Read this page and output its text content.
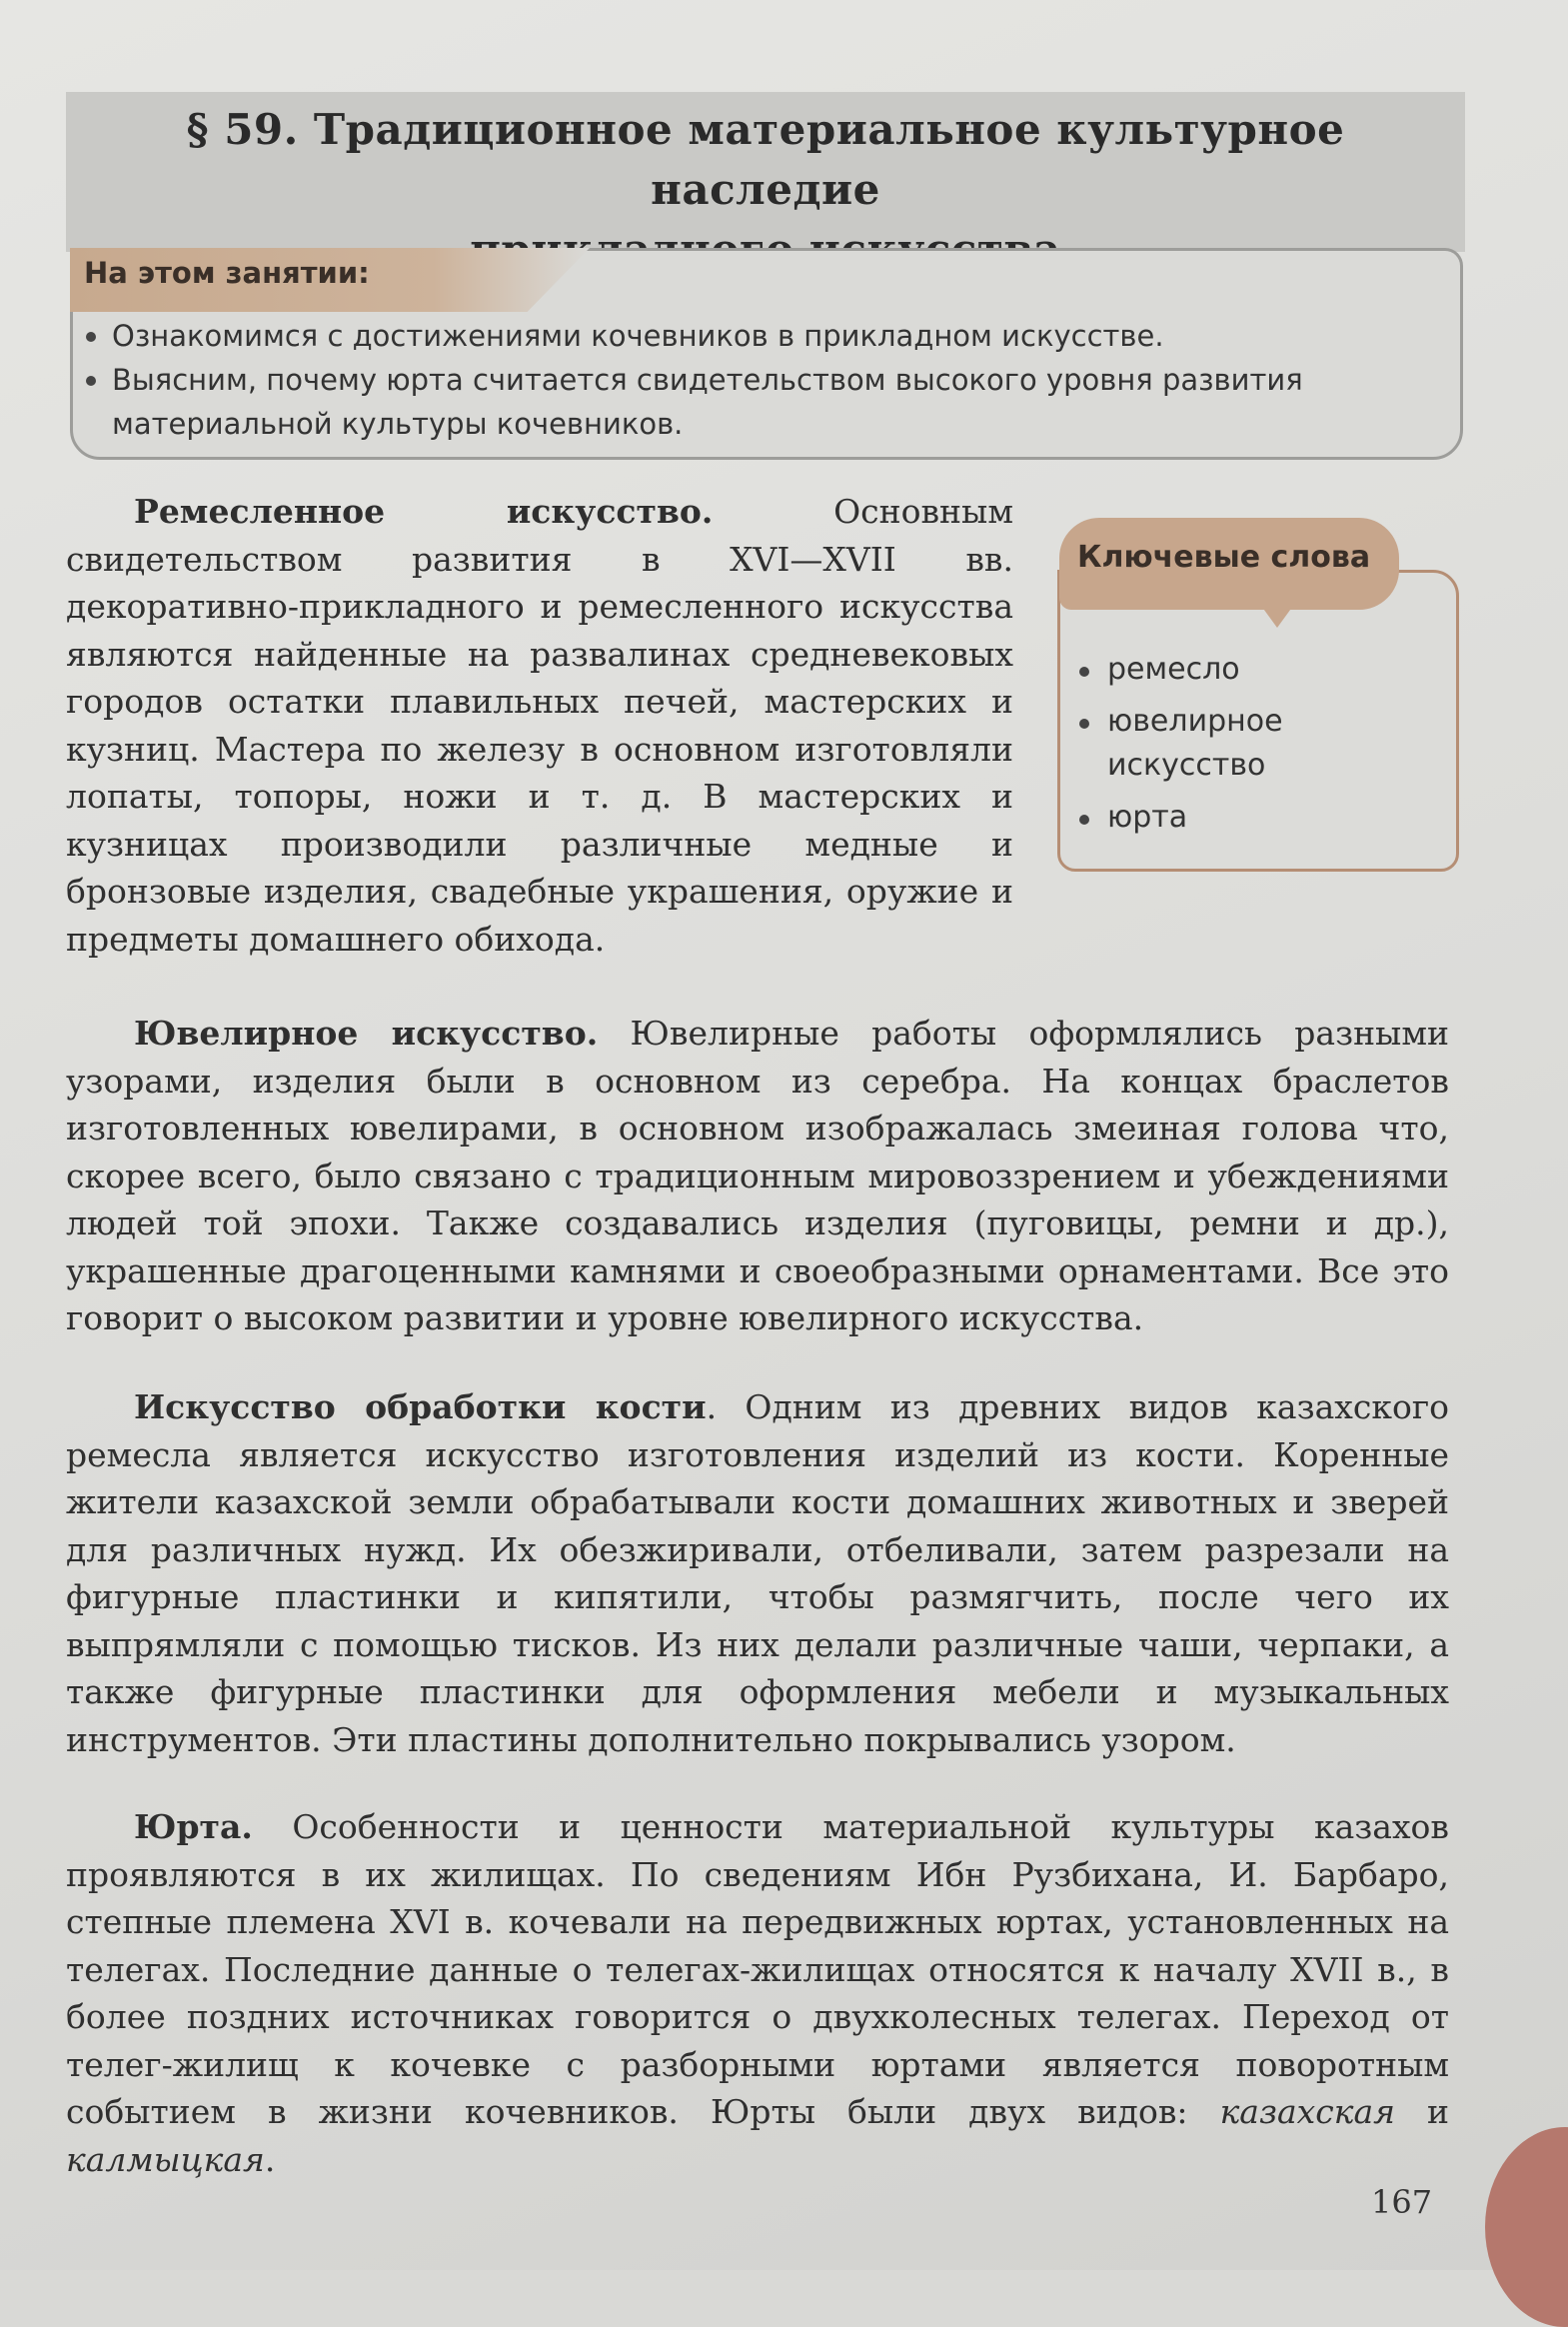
§ 59. Традиционное материальное культурное наследие
На этом занятии:
Ознакомимся с достижениями кочевников в прикладном искусстве.
Выясним, почему юрта считается свидетельством высокого уровня развития материальной культуры кочевников.
Ключевые слова
ремесло
ювелирное искусство
юрта
Ремесленное искусство. Основным свидетельством развития в XVI—XVII вв. декоративно-прикладного и ремесленного искусства являются найденные на развалинах средневековых городов остатки плавильных печей, мастерских и кузниц. Мастера по железу в основном изготовляли лопаты, топоры, ножи и т. д. В мастерских и кузницах производили различные медные и бронзовые изделия, свадебные украшения, оружие и предметы домашнего обихода.
Ювелирное искусство. Ювелирные работы оформлялись разными узорами, изделия были в основном из серебра. На концах браслетов изготовленных ювелирами, в основном изображалась змеиная голова что, скорее всего, было связано с традиционным мировоззрением и убеждениями людей той эпохи. Также создавались изделия (пуговицы, ремни и др.), украшенные драгоценными камнями и своеобразными орнаментами. Все это говорит о высоком развитии и уровне ювелирного искусства.
Искусство обработки кости. Одним из древних видов казахского ремесла является искусство изготовления изделий из кости. Коренные жители казахской земли обрабатывали кости домашних животных и зверей для различных нужд. Их обезжиривали, отбеливали, затем разрезали на фигурные пластинки и кипятили, чтобы размягчить, после чего их выпрямляли с помощью тисков. Из них делали различные чаши, черпаки, а также фигурные пластинки для оформления мебели и музыкальных инструментов. Эти пластины дополнительно покрывались узором.
Юрта. Особенности и ценности материальной культуры казахов проявляются в их жилищах. По сведениям Ибн Рузбихана, И. Барбаро, степные племена XVI в. кочевали на передвижных юртах, установленных на телегах. Последние данные о телегах-жилищах относятся к началу XVII в., в более поздних источниках говорится о двухколесных телегах. Переход от телег-жилищ к кочевке с разборными юртами является поворотным событием в жизни кочевников. Юрты были двух видов: казахская и калмыцкая.
167
